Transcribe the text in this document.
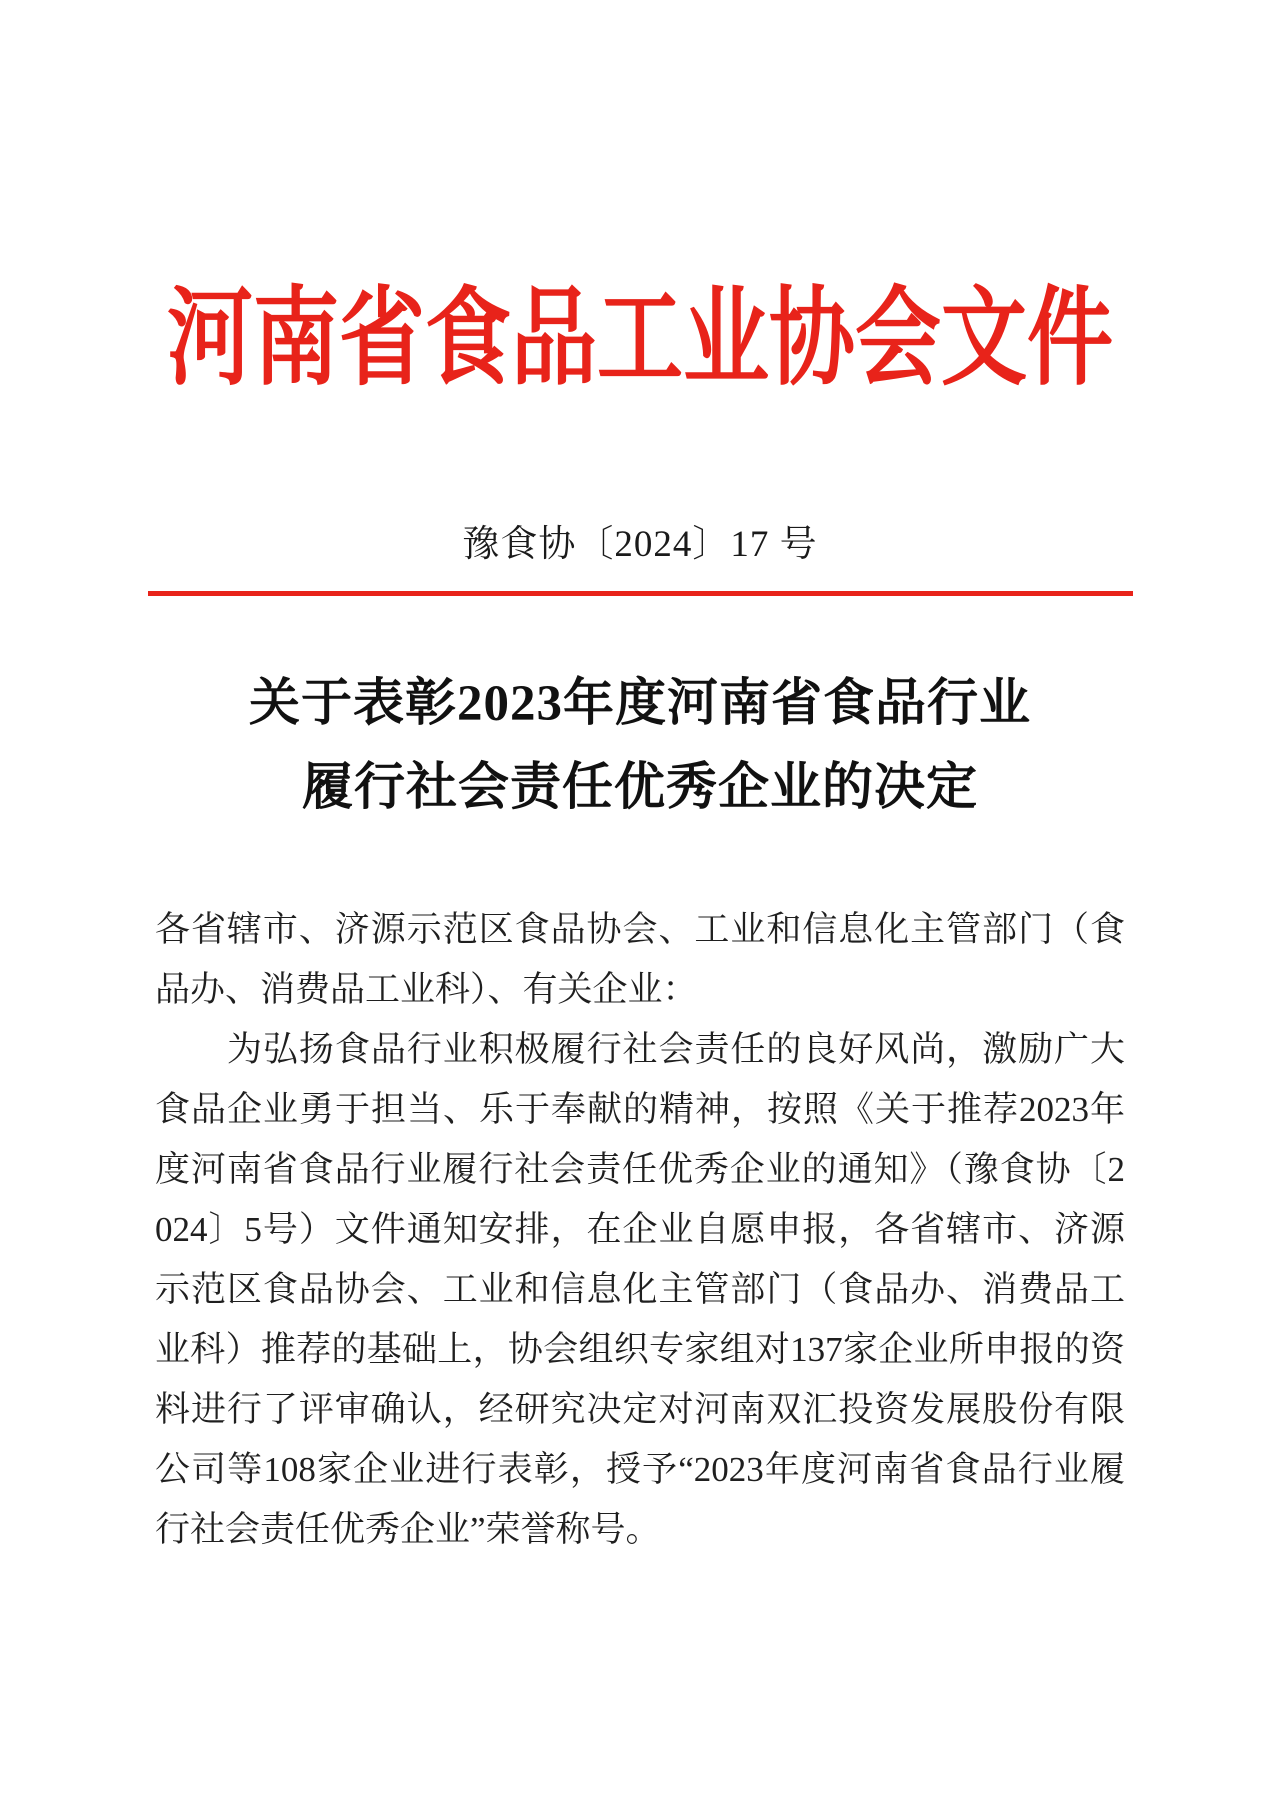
河南省食品工业协会文件
豫食协〔2024〕17 号
关于表彰2023年度河南省食品行业
履行社会责任优秀企业的决定
各省辖市、济源示范区食品协会、工业和信息化主管部门（食
品办、消费品工业科）、有关企业：
为弘扬食品行业积极履行社会责任的良好风尚，激励广大
食品企业勇于担当、乐于奉献的精神，按照《关于推荐2023年
度河南省食品行业履行社会责任优秀企业的通知》（豫食协〔2
024〕5号）文件通知安排，在企业自愿申报，各省辖市、济源
示范区食品协会、工业和信息化主管部门（食品办、消费品工
业科）推荐的基础上，协会组织专家组对137家企业所申报的资
料进行了评审确认，经研究决定对河南双汇投资发展股份有限
公司等108家企业进行表彰，授予“2023年度河南省食品行业履
行社会责任优秀企业”荣誉称号。
